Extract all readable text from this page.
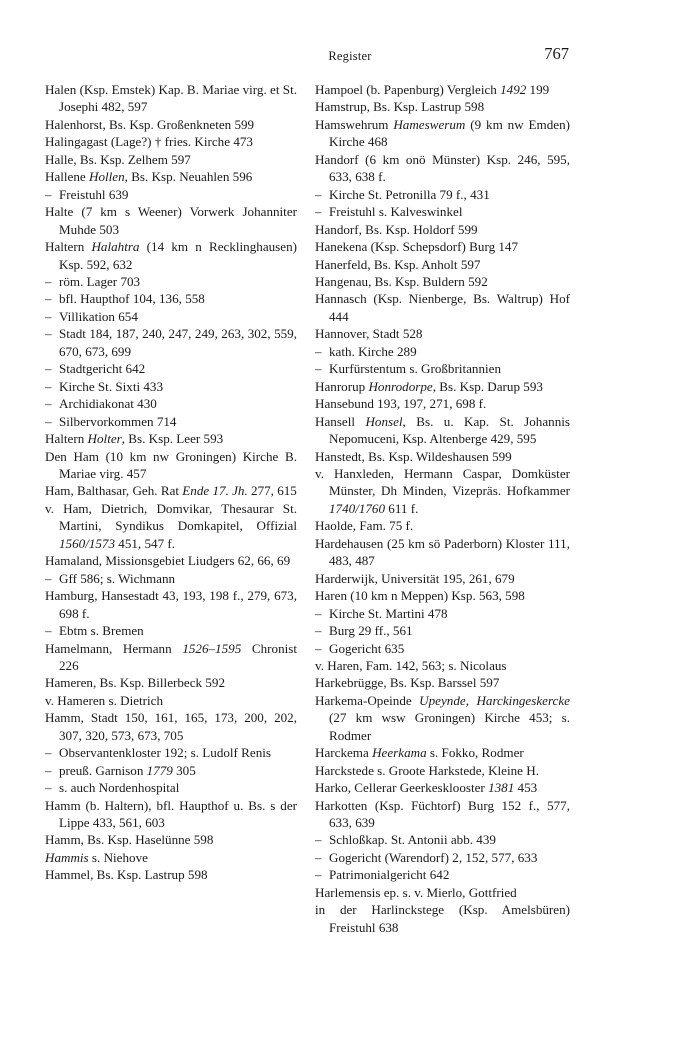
Register	767
Halen (Ksp. Emstek) Kap. B. Mariae virg. et St. Josephi 482, 597
Halenhorst, Bs. Ksp. Großenkneten 599
Halingagast (Lage?) † fries. Kirche 473
Halle, Bs. Ksp. Zelhem 597
Hallene Hollen, Bs. Ksp. Neuahlen 596
– Freistuhl 639
Halte (7 km s Weener) Vorwerk Johanniter Muhde 503
Haltern Halahtra (14 km n Recklinghausen) Ksp. 592, 632
– röm. Lager 703
– bfl. Haupthof 104, 136, 558
– Villikation 654
– Stadt 184, 187, 240, 247, 249, 263, 302, 559, 670, 673, 699
– Stadtgericht 642
– Kirche St. Sixti 433
– Archidiakonat 430
– Silbervorkommen 714
Haltern Holter, Bs. Ksp. Leer 593
Den Ham (10 km nw Groningen) Kirche B. Mariae virg. 457
Ham, Balthasar, Geh. Rat Ende 17. Jh. 277, 615
v. Ham, Dietrich, Domvikar, Thesaurar St. Martini, Syndikus Domkapitel, Offizial 1560/1573 451, 547 f.
Hamaland, Missionsgebiet Liudgers 62, 66, 69
– Gff 586; s. Wichmann
Hamburg, Hansestadt 43, 193, 198 f., 279, 673, 698 f.
– Ebtm s. Bremen
Hamelmann, Hermann 1526–1595 Chronist 226
Hameren, Bs. Ksp. Billerbeck 592
v. Hameren s. Dietrich
Hamm, Stadt 150, 161, 165, 173, 200, 202, 307, 320, 573, 673, 705
– Observantenkloster 192; s. Ludolf Renis
– preuß. Garnison 1779 305
– s. auch Nordenhospital
Hamm (b. Haltern), bfl. Haupthof u. Bs. s der Lippe 433, 561, 603
Hamm, Bs. Ksp. Haselünne 598
Hammis s. Niehove
Hammel, Bs. Ksp. Lastrup 598
Hampoel (b. Papenburg) Vergleich 1492 199
Hamstrup, Bs. Ksp. Lastrup 598
Hamswehrum Hameswerum (9 km nw Emden) Kirche 468
Handorf (6 km onö Münster) Ksp. 246, 595, 633, 638 f.
– Kirche St. Petronilla 79 f., 431
– Freistuhl s. Kalveswinkel
Handorf, Bs. Ksp. Holdorf 599
Hanekena (Ksp. Schepsdorf) Burg 147
Hanerfeld, Bs. Ksp. Anholt 597
Hangenau, Bs. Ksp. Buldern 592
Hannasch (Ksp. Nienberge, Bs. Waltrup) Hof 444
Hannover, Stadt 528
– kath. Kirche 289
– Kurfürstentum s. Großbritannien
Hanrorup Honrodorpe, Bs. Ksp. Darup 593
Hansebund 193, 197, 271, 698 f.
Hansell Honsel, Bs. u. Kap. St. Johannis Nepomuceni, Ksp. Altenberge 429, 595
Hanstedt, Bs. Ksp. Wildeshausen 599
v. Hanxleden, Hermann Caspar, Domküster Münster, Dh Minden, Vizepräs. Hofkammer 1740/1760 611 f.
Haolde, Fam. 75 f.
Hardehausen (25 km sö Paderborn) Kloster 111, 483, 487
Harderwijk, Universität 195, 261, 679
Haren (10 km n Meppen) Ksp. 563, 598
– Kirche St. Martini 478
– Burg 29 ff., 561
– Gogericht 635
v. Haren, Fam. 142, 563; s. Nicolaus
Harkebrügge, Bs. Ksp. Barssel 597
Harkema-Opeinde Upeynde, Harckingeskercke (27 km wsw Groningen) Kirche 453; s. Rodmer
Harckema Heerkama s. Fokko, Rodmer
Harckstede s. Groote Harkstede, Kleine H.
Harko, Cellerar Geerkesklooster 1381 453
Harkotten (Ksp. Füchtorf) Burg 152 f., 577, 633, 639
– Schloßkap. St. Antonii abb. 439
– Gogericht (Warendorf) 2, 152, 577, 633
– Patrimonialgericht 642
Harlemensis ep. s. v. Mierlo, Gottfried
in der Harlinckstege (Ksp. Amelsbüren) Freistuhl 638
